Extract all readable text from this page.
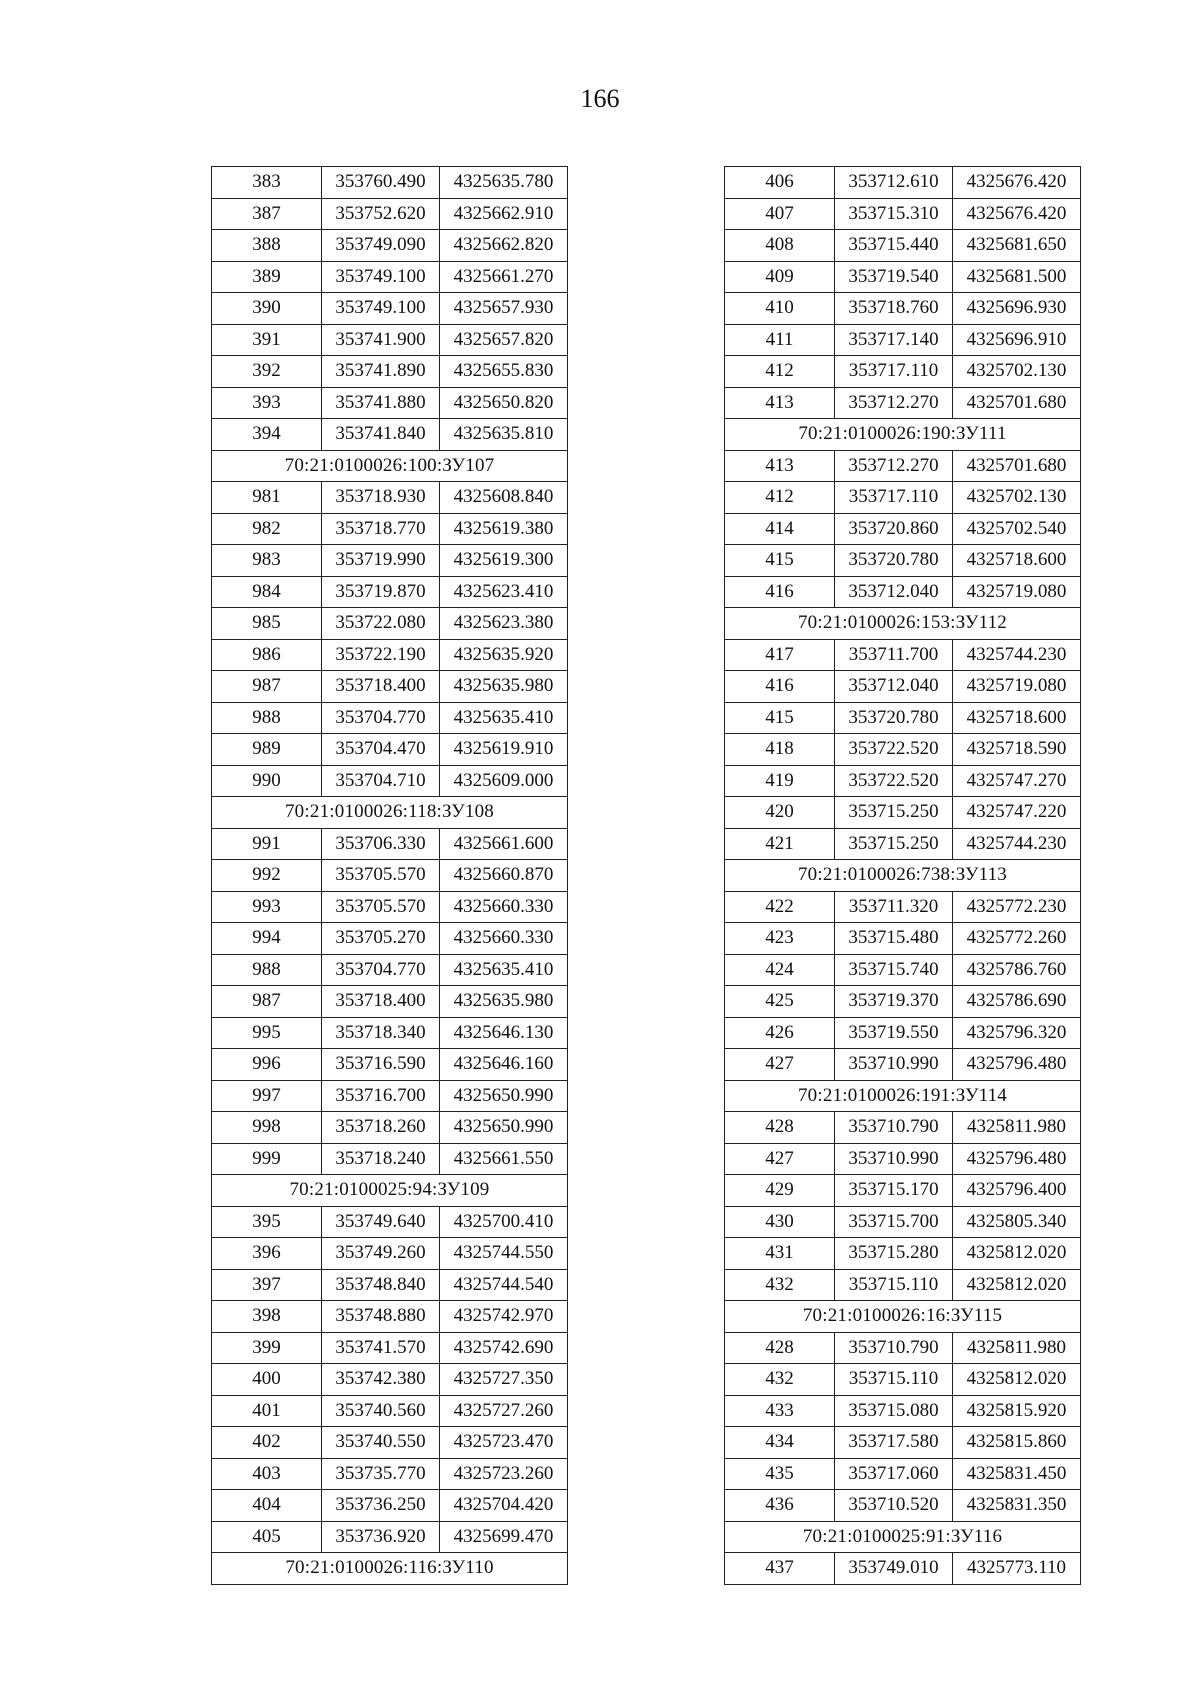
166
383	353760.490	4325635.780
387	353752.620	4325662.910
388	353749.090	4325662.820
389	353749.100	4325661.270
390	353749.100	4325657.930
391	353741.900	4325657.820
392	353741.890	4325655.830
393	353741.880	4325650.820
394	353741.840	4325635.810
70:21:0100026:100:ЗУ107		
981	353718.930	4325608.840
982	353718.770	4325619.380
983	353719.990	4325619.300
984	353719.870	4325623.410
985	353722.080	4325623.380
986	353722.190	4325635.920
987	353718.400	4325635.980
988	353704.770	4325635.410
989	353704.470	4325619.910
990	353704.710	4325609.000
70:21:0100026:118:ЗУ108		
991	353706.330	4325661.600
992	353705.570	4325660.870
993	353705.570	4325660.330
994	353705.270	4325660.330
988	353704.770	4325635.410
987	353718.400	4325635.980
995	353718.340	4325646.130
996	353716.590	4325646.160
997	353716.700	4325650.990
998	353718.260	4325650.990
999	353718.240	4325661.550
70:21:0100025:94:ЗУ109		
395	353749.640	4325700.410
396	353749.260	4325744.550
397	353748.840	4325744.540
398	353748.880	4325742.970
399	353741.570	4325742.690
400	353742.380	4325727.350
401	353740.560	4325727.260
402	353740.550	4325723.470
403	353735.770	4325723.260
404	353736.250	4325704.420
405	353736.920	4325699.470
70:21:0100026:116:ЗУ110		
406	353712.610	4325676.420
407	353715.310	4325676.420
408	353715.440	4325681.650
409	353719.540	4325681.500
410	353718.760	4325696.930
411	353717.140	4325696.910
412	353717.110	4325702.130
413	353712.270	4325701.680
70:21:0100026:190:ЗУ111		
413	353712.270	4325701.680
412	353717.110	4325702.130
414	353720.860	4325702.540
415	353720.780	4325718.600
416	353712.040	4325719.080
70:21:0100026:153:ЗУ112		
417	353711.700	4325744.230
416	353712.040	4325719.080
415	353720.780	4325718.600
418	353722.520	4325718.590
419	353722.520	4325747.270
420	353715.250	4325747.220
421	353715.250	4325744.230
70:21:0100026:738:ЗУ113		
422	353711.320	4325772.230
423	353715.480	4325772.260
424	353715.740	4325786.760
425	353719.370	4325786.690
426	353719.550	4325796.320
427	353710.990	4325796.480
70:21:0100026:191:ЗУ114		
428	353710.790	4325811.980
427	353710.990	4325796.480
429	353715.170	4325796.400
430	353715.700	4325805.340
431	353715.280	4325812.020
432	353715.110	4325812.020
70:21:0100026:16:ЗУ115		
428	353710.790	4325811.980
432	353715.110	4325812.020
433	353715.080	4325815.920
434	353717.580	4325815.860
435	353717.060	4325831.450
436	353710.520	4325831.350
70:21:0100025:91:ЗУ116		
437	353749.010	4325773.110
